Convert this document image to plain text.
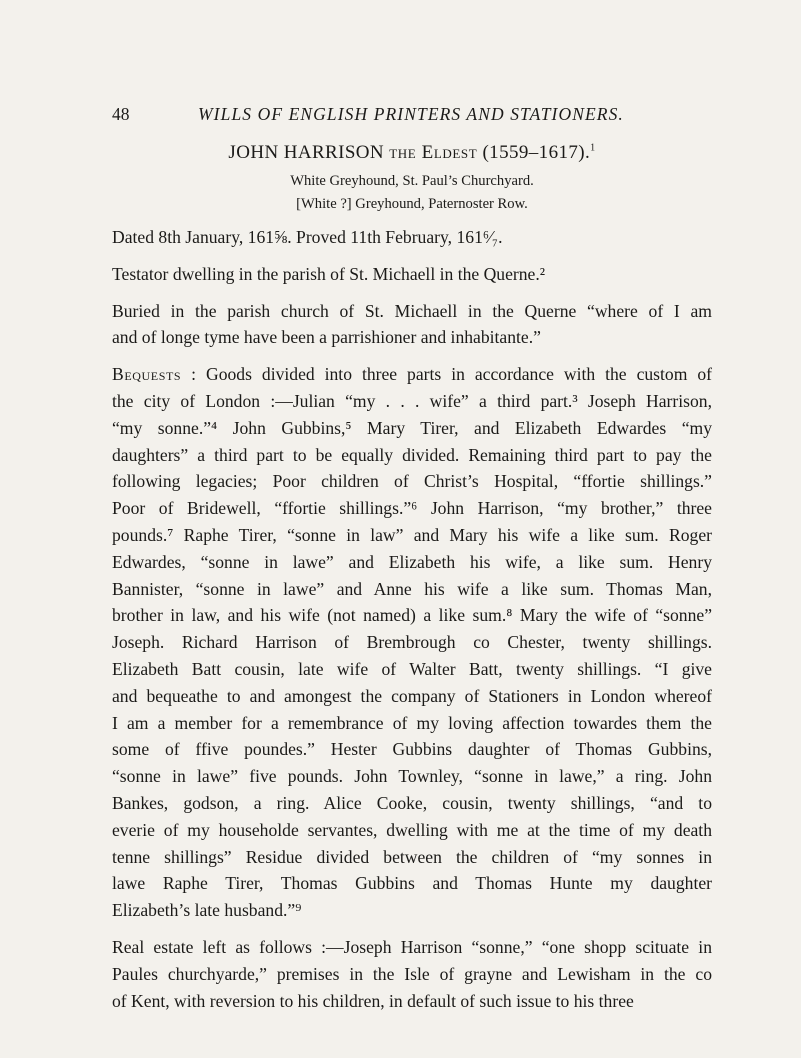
48	WILLS OF ENGLISH PRINTERS AND STATIONERS.
JOHN HARRISON the Eldest (1559–1617).$^1$
White Greyhound, St. Paul’s Churchyard.
[White ?] Greyhound, Paternoster Row.

Dated 8th January, 161⅝. Proved 11th February, 161⁶⁄₇.

Testator dwelling in the parish of St. Michaell in the Querne.²

Buried in the parish church of St. Michaell in the Querne “where of I am
and of longe tyme have been a parrishioner and inhabitante.”

Bequests : Goods divided into three parts in accordance with the custom of
the city of London :—Julian “my . . . wife” a third part.³ Joseph Harrison,
“my sonne.”⁴ John Gubbins,⁵ Mary Tirer, and Elizabeth Edwardes “my
daughters” a third part to be equally divided. Remaining third part to pay the
following legacies; Poor children of Christ’s Hospital, “ffortie shillings.”
Poor of Bridewell, “ffortie shillings.”⁶ John Harrison, “my brother,” three
pounds.⁷ Raphe Tirer, “sonne in law” and Mary his wife a like sum. Roger
Edwardes, “sonne in lawe” and Elizabeth his wife, a like sum. Henry
Bannister, “sonne in lawe” and Anne his wife a like sum. Thomas Man,
brother in law, and his wife (not named) a like sum.⁸ Mary the wife of “sonne”
Joseph. Richard Harrison of Brembrough co Chester, twenty shillings.
Elizabeth Batt cousin, late wife of Walter Batt, twenty shillings. “I give
and bequeathe to and amongest the company of Stationers in London whereof
I am a member for a remembrance of my loving affection towardes them the
some of ffive poundes.” Hester Gubbins daughter of Thomas Gubbins,
“sonne in lawe” five pounds. John Townley, “sonne in lawe,” a ring. John
Bankes, godson, a ring. Alice Cooke, cousin, twenty shillings, “and to
everie of my householde servantes, dwelling with me at the time of my death
tenne shillings” Residue divided between the children of “my sonnes in
lawe Raphe Tirer, Thomas Gubbins and Thomas Hunte my daughter
Elizabeth’s late husband.”⁹

Real estate left as follows :—Joseph Harrison “sonne,” “one shopp scituate in
Paules churchyarde,” premises in the Isle of grayne and Lewisham in the co
of Kent, with reversion to his children, in default of such issue to his three
